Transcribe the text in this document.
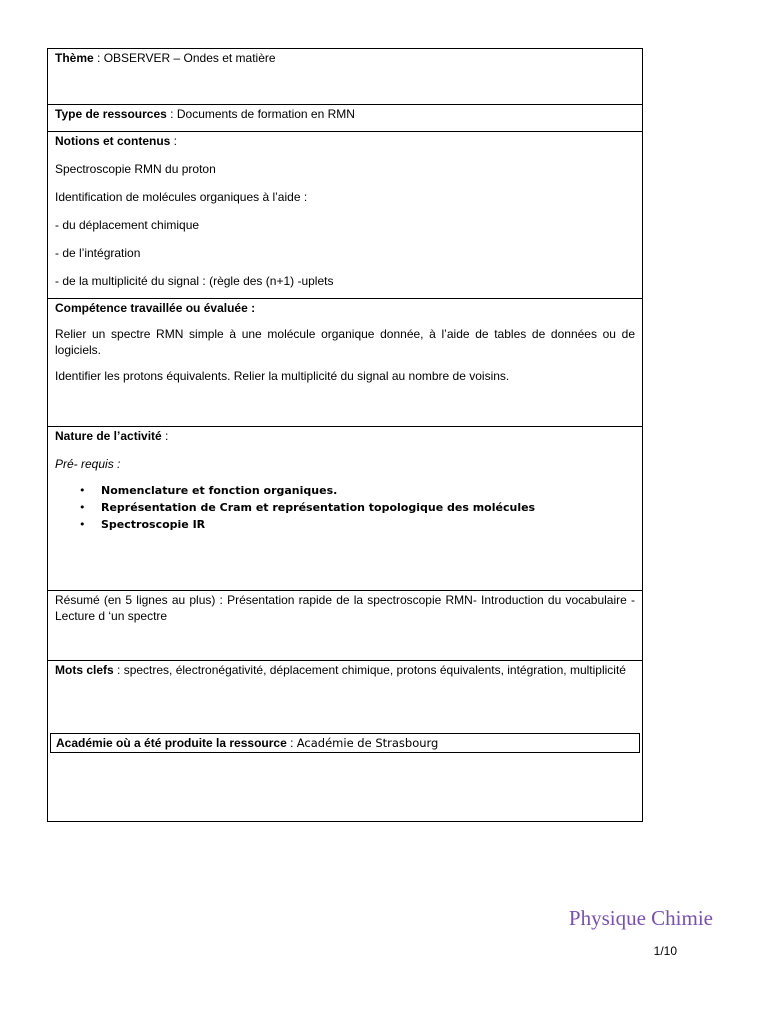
Thème : OBSERVER – Ondes et matière

Type de ressources : Documents de formation en RMN

Notions et contenus :

Spectroscopie RMN du proton

Identification de molécules organiques à l’aide :

- du déplacement chimique

- de l’intégration

- de la multiplicité du signal : (règle des (n+1) -uplets

Compétence travaillée ou évaluée :

Relier un spectre RMN simple à une molécule organique donnée, à l’aide de tables de données ou de logiciels.

Identifier les protons équivalents. Relier la multiplicité du signal au nombre de voisins.

Nature de l’activité :

Pré- requis :

• Nomenclature et fonction organiques.
• Représentation de Cram et représentation topologique des molécules
• Spectroscopie IR

Résumé (en 5 lignes au plus) : Présentation rapide de la spectroscopie RMN- Introduction du vocabulaire - Lecture d ‘un spectre

Mots clefs : spectres, électronégativité, déplacement chimique, protons équivalents, intégration, multiplicité

Académie où a été produite la ressource : Académie de Strasbourg

Physique Chimie
1/10
